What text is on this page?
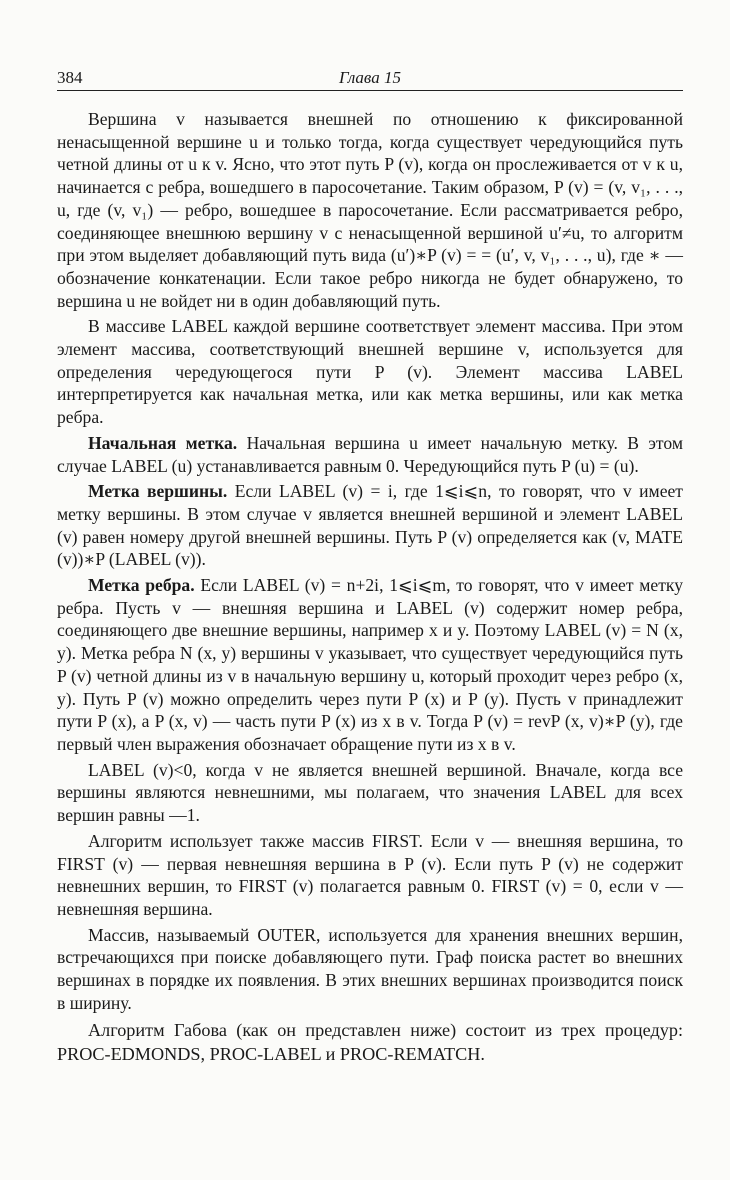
384	Глава 15

Вершина v называется внешней по отношению к фиксированной ненасыщенной вершине u и только тогда, когда существует чередующийся путь четной длины от u к v. Ясно, что этот путь P (v), когда он прослеживается от v к u, начинается с ребра, вошедшего в паросочетание. Таким образом, P (v) = (v, v₁, . . ., u, где (v, v₁) — ребро, вошедшее в паросочетание. Если рассматривается ребро, соединяющее внешнюю вершину v с ненасыщенной вершиной u′≠u, то алгоритм при этом выделяет добавляющий путь вида (u′)∗P (v) = = (u′, v, v₁, . . ., u), где ∗ — обозначение конкатенации. Если такое ребро никогда не будет обнаружено, то вершина u не войдет ни в один добавляющий путь.

В массиве LABEL каждой вершине соответствует элемент массива. При этом элемент массива, соответствующий внешней вершине v, используется для определения чередующегося пути P (v). Элемент массива LABEL интерпретируется как начальная метка, или как метка вершины, или как метка ребра.

Начальная метка. Начальная вершина u имеет начальную метку. В этом случае LABEL (u) устанавливается равным 0. Чередующийся путь P (u) = (u).

Метка вершины. Если LABEL (v) = i, где 1⩽i⩽n, то говорят, что v имеет метку вершины. В этом случае v является внешней вершиной и элемент LABEL (v) равен номеру другой внешней вершины. Путь P (v) определяется как (v, MATE (v))∗P (LABEL (v)).

Метка ребра. Если LABEL (v) = n+2i, 1⩽i⩽m, то говорят, что v имеет метку ребра. Пусть v — внешняя вершина и LABEL (v) содержит номер ребра, соединяющего две внешние вершины, например x и y. Поэтому LABEL (v) = N (x, y). Метка ребра N (x, y) вершины v указывает, что существует чередующийся путь P (v) четной длины из v в начальную вершину u, который проходит через ребро (x, y). Путь P (v) можно определить через пути P (x) и P (y). Пусть v принадлежит пути P (x), а P (x, v) — часть пути P (x) из x в v. Тогда P (v) = revP (x, v)∗P (y), где первый член выражения обозначает обращение пути из x в v.

LABEL (v)<0, когда v не является внешней вершиной. Вначале, когда все вершины являются невнешними, мы полагаем, что значения LABEL для всех вершин равны —1.

Алгоритм использует также массив FIRST. Если v — внешняя вершина, то FIRST (v) — первая невнешняя вершина в P (v). Если путь P (v) не содержит невнешних вершин, то FIRST (v) полагается равным 0. FIRST (v) = 0, если v — невнешняя вершина.

Массив, называемый OUTER, используется для хранения внешних вершин, встречающихся при поиске добавляющего пути. Граф поиска растет во внешних вершинах в порядке их появления. В этих внешних вершинах производится поиск в ширину.

Алгоритм Габова (как он представлен ниже) состоит из трех процедур: PROC-EDMONDS, PROC-LABEL и PROC-REMATCH.
